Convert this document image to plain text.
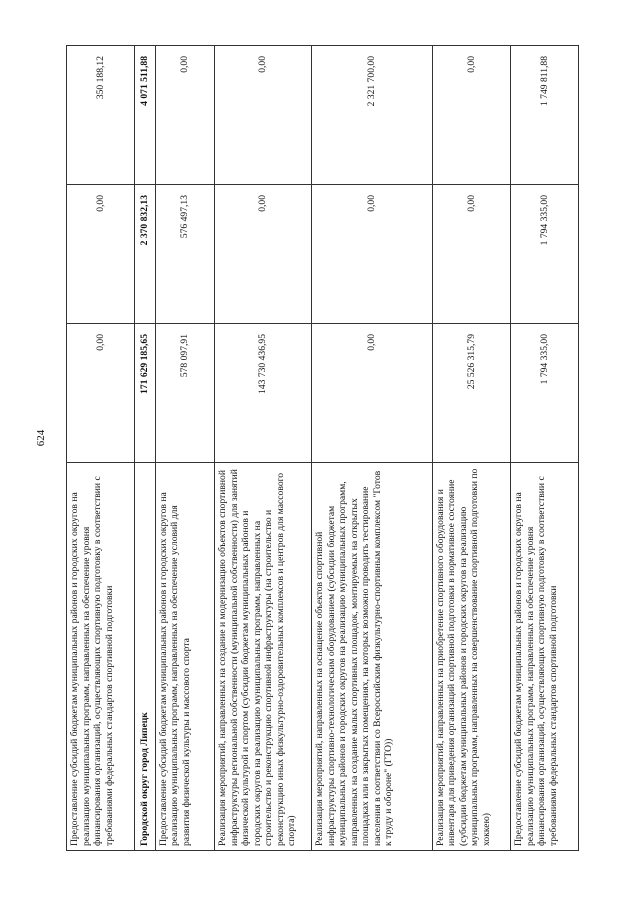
624
Предоставление субсидий бюджетам муниципальных районов и городских округов на реализацию муниципальных программ, направленных на обеспечение уровня финансирования организаций, осуществляющих спортивную подготовку в соответствии с требованиями федеральных стандартов спортивной подготовки	0,00	0,00	350 188,12
Городской округ город Липецк	171 629 185,65	2 370 832,13	4 071 511,88
Предоставление субсидий бюджетам муниципальных районов и городских округов на реализацию муниципальных программ, направленных на обеспечение условий для развития физической культуры и массового спорта	578 097,91	576 497,13	0,00
Реализация мероприятий, направленных на создание и модернизацию объектов спортивной инфраструктуры региональной собственности (муниципальной собственности) для занятий физической культурой и спортом (субсидии бюджетам муниципальных районов и городских округов на реализацию муниципальных программ, направленных на строительство и реконструкцию спортивной инфраструктуры (на строительство и реконструкцию иных физкультурно-оздоровительных комплексов и центров для массового спорта)	143 730 436,95	0,00	0,00
Реализация мероприятий, направленных на оснащение объектов спортивной инфраструктуры спортивно-технологическим оборудованием (субсидии бюджетам муниципальных районов и городских округов на реализацию муниципальных программ, направленных на создание малых спортивных площадок, монтируемых на открытых площадках или в закрытых помещениях, на которых возможно проводить тестирование населения в соответствии со Всероссийским физкультурно-спортивным комплексом "Готов к труду и обороне" (ГТО))	0,00	0,00	2 321 700,00
Реализация мероприятий, направленных на приобретение спортивного оборудования и инвентаря для приведения организаций спортивной подготовки в нормативное состояние (субсидии бюджетам муниципальных районов и городских округов на реализацию муниципальных программ, направленных на совершенствование спортивной подготовки по хоккею)	25 526 315,79	0,00	0,00
Предоставление субсидий бюджетам муниципальных районов и городских округов на реализацию муниципальных программ, направленных на обеспечение уровня финансирования организаций, осуществляющих спортивную подготовку в соответствии с требованиями федеральных стандартов спортивной подготовки	1 794 335,00	1 794 335,00	1 749 811,88
